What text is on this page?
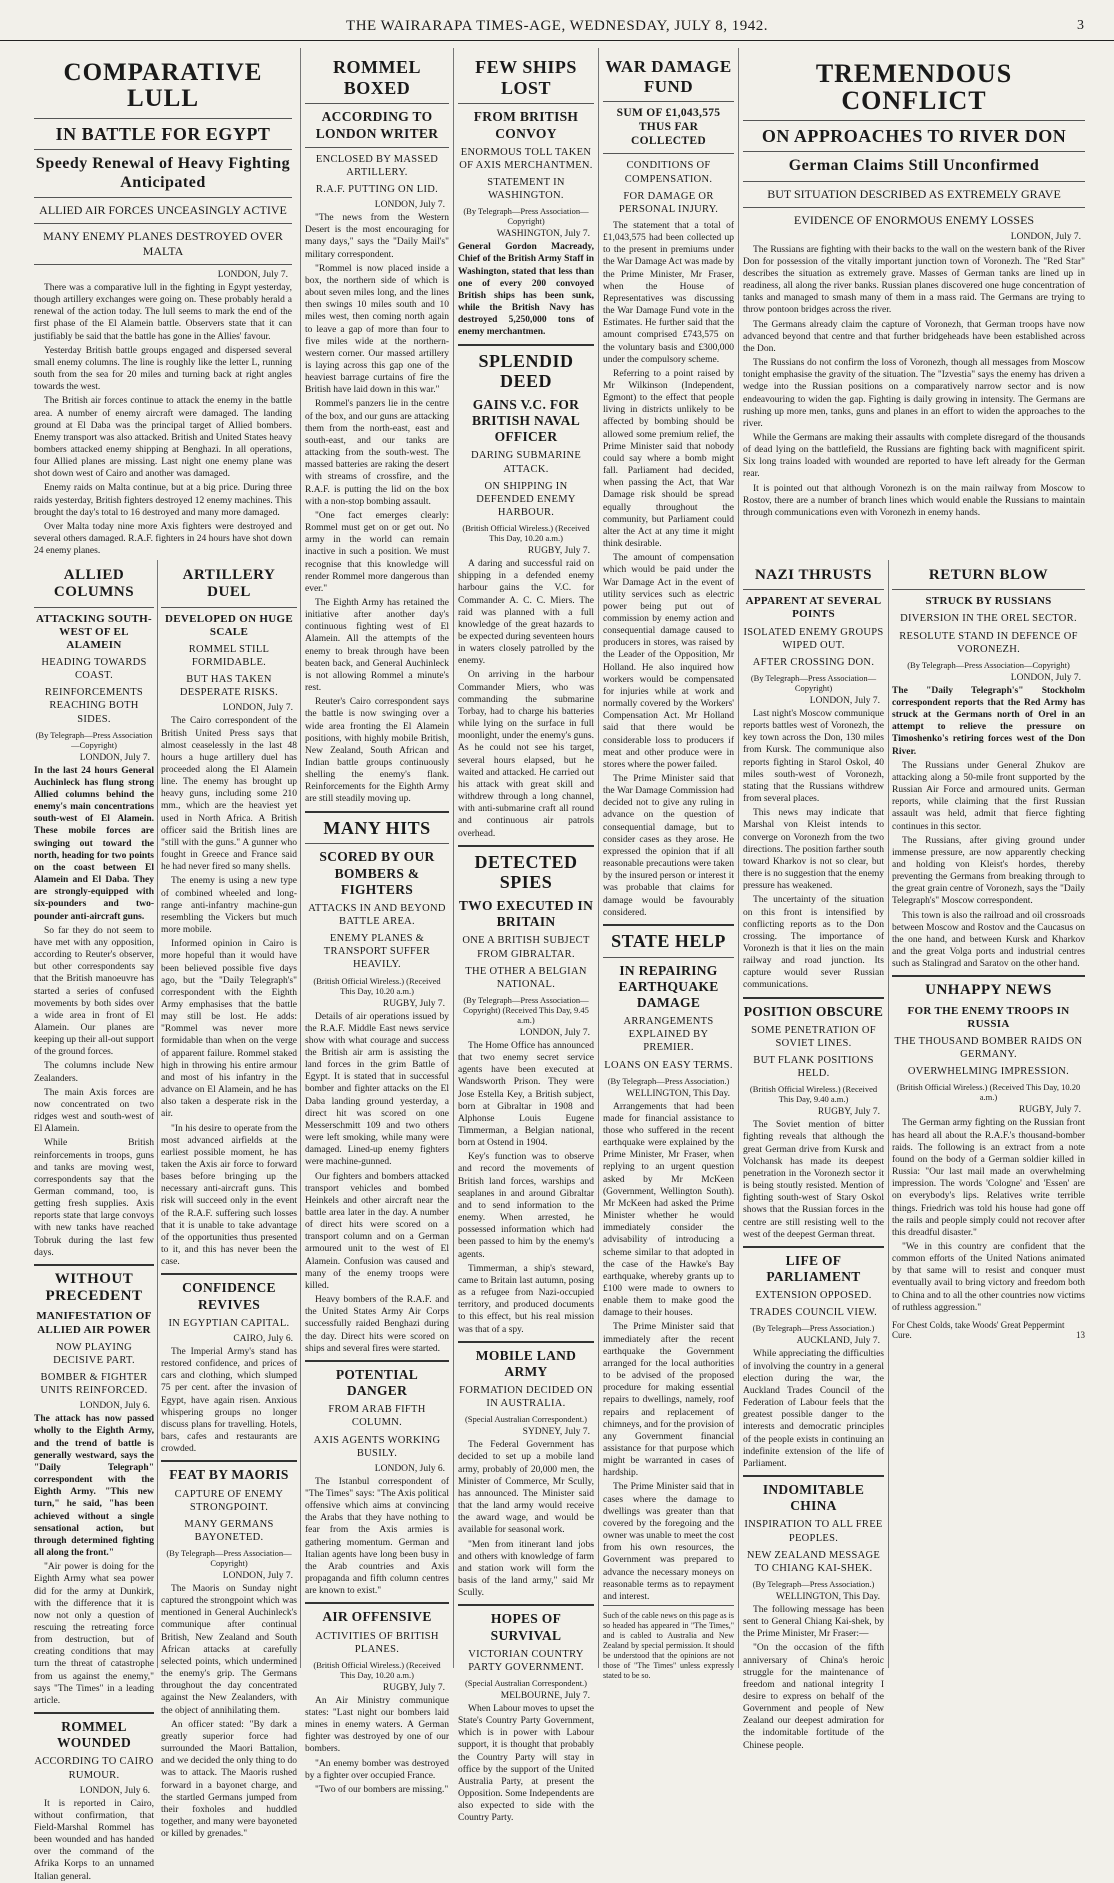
THE WAIRARAPA TIMES-AGE, WEDNESDAY, JULY 8, 1942.	3
COMPARATIVE LULL
IN BATTLE FOR EGYPT
Speedy Renewal of Heavy Fighting Anticipated
ALLIED AIR FORCES UNCEASINGLY ACTIVE
MANY ENEMY PLANES DESTROYED OVER MALTA
LONDON, July 7.

There was a comparative lull in the fighting in Egypt yesterday, though artillery exchanges were going on. These probably herald a renewal of the action today. The lull seems to mark the end of the first phase of the El Alamein battle. Observers state that it can justifiably be said that the battle has gone in the Allies' favour.

Yesterday British battle groups engaged and dispersed several small enemy columns. The line is roughly like the letter L, running south from the sea for 20 miles and turning back at right angles towards the west.

The British air forces continue to attack the enemy in the battle area. A number of enemy aircraft were damaged. The landing ground at El Daba was the principal target of Allied bombers. Enemy transport was also attacked. British and United States heavy bombers attacked enemy shipping at Benghazi. In all operations, four Allied planes are missing. Last night one enemy plane was shot down west of Cairo and another was damaged.

Enemy raids on Malta continue, but at a big price. During three raids yesterday, British fighters destroyed 12 enemy machines. This brought the day's total to 16 destroyed and many more damaged.

Over Malta today nine more Axis fighters were destroyed and several others damaged. R.A.F. fighters in 24 hours have shot down 24 enemy planes.

ROMMEL BOXED
ACCORDING TO LONDON WRITER
ENCLOSED BY MASSED ARTILLERY.
R.A.F. PUTTING ON LID.
LONDON, July 7.

"The news from the Western Desert is the most encouraging for many days," says the "Daily Mail's" military correspondent.

"Rommel is now placed inside a box, the northern side of which is about seven miles long, and the lines then swings 10 miles south and 10 miles west, then coming north again to leave a gap of more than four to five miles wide at the northern-western corner. Our massed artillery is laying across this gap one of the heaviest barrage curtains of fire the British have laid down in this war."

Rommel's panzers lie in the centre of the box, and our guns are attacking them from the north-east, east and south-east, and our tanks are attacking from the south-west. The massed batteries are raking the desert with streams of crossfire, and the R.A.F. is putting the lid on the box with a non-stop bombing assault.

"One fact emerges clearly: Rommel must get on or get out. No army in the world can remain inactive in such a position. We must recognise that this knowledge will render Rommel more dangerous than ever."

The Eighth Army has retained the initiative after another day's continuous fighting west of El Alamein. All the attempts of the enemy to break through have been beaten back, and General Auchinleck is not allowing Rommel a minute's rest.

Reuter's Cairo correspondent says the battle is now swinging over a wide area fronting the El Alamein positions, with highly mobile British, New Zealand, South African and Indian battle groups continuously shelling the enemy's flank. Reinforcements for the Eighth Army are still steadily moving up.

MANY HITS
SCORED BY OUR BOMBERS & FIGHTERS
ATTACKS IN AND BEYOND BATTLE AREA.
ENEMY PLANES & TRANSPORT SUFFER HEAVILY.
(British Official Wireless.) (Received This Day, 10.20 a.m.)
RUGBY, July 7.

Details of air operations issued by the R.A.F. Middle East news service show with what courage and success the British air arm is assisting the land forces in the grim Battle of Egypt. It is stated that in successful bomber and fighter attacks on the El Daba landing ground yesterday, a direct hit was scored on one Messerschmitt 109 and two others were left smoking, while many were damaged. Lined-up enemy fighters were machine-gunned.

Our fighters and bombers attacked transport vehicles and bombed Heinkels and other aircraft near the battle area later in the day. A number of direct hits were scored on a transport column and on a German armoured unit to the west of El Alamein. Confusion was caused and many of the enemy troops were killed.

Heavy bombers of the R.A.F. and the United States Army Air Corps successfully raided Benghazi during the day. Direct hits were scored on ships and several fires were started.

POTENTIAL DANGER
FROM ARAB FIFTH COLUMN.
AXIS AGENTS WORKING BUSILY.
LONDON, July 6.

The Istanbul correspondent of "The Times" says: "The Axis political offensive which aims at convincing the Arabs that they have nothing to fear from the Axis armies is gathering momentum. German and Italian agents have long been busy in the Arab countries and Axis propaganda and fifth column centres are known to exist."

AIR OFFENSIVE
ACTIVITIES OF BRITISH PLANES.
(British Official Wireless.) (Received This Day, 10.20 a.m.)
RUGBY, July 7.

An Air Ministry communique states: "Last night our bombers laid mines in enemy waters. A German fighter was destroyed by one of our bombers.

"An enemy bomber was destroyed by a fighter over occupied France.

"Two of our bombers are missing."

FEW SHIPS LOST
FROM BRITISH CONVOY
ENORMOUS TOLL TAKEN OF AXIS MERCHANTMEN.
STATEMENT IN WASHINGTON.
(By Telegraph—Press Association—Copyright)
WASHINGTON, July 7.

General Gordon Macready, Chief of the British Army Staff in Washington, stated that less than one of every 200 convoyed British ships has been sunk, while the British Navy has destroyed 5,250,000 tons of enemy merchantmen.

SPLENDID DEED
GAINS V.C. FOR BRITISH NAVAL OFFICER
DARING SUBMARINE ATTACK.
ON SHIPPING IN DEFENDED ENEMY HARBOUR.
(British Official Wireless.) (Received This Day, 10.20 a.m.)
RUGBY, July 7.

A daring and successful raid on shipping in a defended enemy harbour gains the V.C. for Commander A. C. C. Miers. The raid was planned with a full knowledge of the great hazards to be expected during seventeen hours in waters closely patrolled by the enemy.

On arriving in the harbour Commander Miers, who was commanding the submarine Torbay, had to charge his batteries while lying on the surface in full moonlight, under the enemy's guns. As he could not see his target, several hours elapsed, but he waited and attacked. He carried out his attack with great skill and withdrew through a long channel, with anti-submarine craft all round and continuous air patrols overhead.

DETECTED SPIES
TWO EXECUTED IN BRITAIN
ONE A BRITISH SUBJECT FROM GIBRALTAR.
THE OTHER A BELGIAN NATIONAL.
(By Telegraph—Press Association—Copyright) (Received This Day, 9.45 a.m.)
LONDON, July 7.

The Home Office has announced that two enemy secret service agents have been executed at Wandsworth Prison. They were Jose Estella Key, a British subject, born at Gibraltar in 1908 and Alphonse Louis Eugene Timmerman, a Belgian national, born at Ostend in 1904.

Key's function was to observe and record the movements of British land forces, warships and seaplanes in and around Gibraltar and to send information to the enemy. When arrested, he possessed information which had been passed to him by the enemy's agents.

Timmerman, a ship's steward, came to Britain last autumn, posing as a refugee from Nazi-occupied territory, and produced documents to this effect, but his real mission was that of a spy.

MOBILE LAND ARMY
FORMATION DECIDED ON IN AUSTRALIA.
(Special Australian Correspondent.)
SYDNEY, July 7.

The Federal Government has decided to set up a mobile land army, probably of 20,000 men, the Minister of Commerce, Mr Scully, has announced. The Minister said that the land army would receive the award wage, and would be available for seasonal work.

"Men from itinerant land jobs and others with knowledge of farm and station work will form the basis of the land army," said Mr Scully.

HOPES OF SURVIVAL
VICTORIAN COUNTRY PARTY GOVERNMENT.
(Special Australian Correspondent.)
MELBOURNE, July 7.

When Labour moves to upset the State's Country Party Government, which is in power with Labour support, it is thought that probably the Country Party will stay in office by the support of the United Australia Party, at present the Opposition. Some Independents are also expected to side with the Country Party.

WAR DAMAGE FUND
SUM OF £1,043,575 THUS FAR COLLECTED
CONDITIONS OF COMPENSATION.
FOR DAMAGE OR PERSONAL INJURY.

The statement that a total of £1,043,575 had been collected up to the present in premiums under the War Damage Act was made by the Prime Minister, Mr Fraser, when the House of Representatives was discussing the War Damage Fund vote in the Estimates. He further said that the amount comprised £743,575 on the voluntary basis and £300,000 under the compulsory scheme.

Referring to a point raised by Mr Wilkinson (Independent, Egmont) to the effect that people living in districts unlikely to be affected by bombing should be allowed some premium relief, the Prime Minister said that nobody could say where a bomb might fall. Parliament had decided, when passing the Act, that War Damage risk should be spread equally throughout the community, but Parliament could alter the Act at any time it might think desirable.

The amount of compensation which would be paid under the War Damage Act in the event of utility services such as electric power being put out of commission by enemy action and consequential damage caused to producers in stores, was raised by the Leader of the Opposition, Mr Holland. He also inquired how workers would be compensated for injuries while at work and normally covered by the Workers' Compensation Act. Mr Holland said that there would be considerable loss to producers if meat and other produce were in stores where the power failed.

The Prime Minister said that the War Damage Commission had decided not to give any ruling in advance on the question of consequential damage, but to consider cases as they arose. He expressed the opinion that if all reasonable precautions were taken by the insured person or interest it was probable that claims for damage would be favourably considered.

STATE HELP
IN REPAIRING EARTHQUAKE DAMAGE
ARRANGEMENTS EXPLAINED BY PREMIER.
LOANS ON EASY TERMS.
(By Telegraph—Press Association.)
WELLINGTON, This Day.

Arrangements that had been made for financial assistance to those who suffered in the recent earthquake were explained by the Prime Minister, Mr Fraser, when replying to an urgent question asked by Mr McKeen (Government, Wellington South). Mr McKeen had asked the Prime Minister whether he would immediately consider the advisability of introducing a scheme similar to that adopted in the case of the Hawke's Bay earthquake, whereby grants up to £100 were made to owners to enable them to make good the damage to their houses.

The Prime Minister said that immediately after the recent earthquake the Government arranged for the local authorities to be advised of the proposed procedure for making essential repairs to dwellings, namely, roof repairs and replacement of chimneys, and for the provision of any Government financial assistance for that purpose which might be warranted in cases of hardship.

The Prime Minister said that in cases where the damage to dwellings was greater than that covered by the foregoing and the owner was unable to meet the cost from his own resources, the Government was prepared to advance the necessary moneys on reasonable terms as to repayment and interest.

TREMENDOUS CONFLICT
ON APPROACHES TO RIVER DON
German Claims Still Unconfirmed
BUT SITUATION DESCRIBED AS EXTREMELY GRAVE
EVIDENCE OF ENORMOUS ENEMY LOSSES
LONDON, July 7.

The Russians are fighting with their backs to the wall on the western bank of the River Don for possession of the vitally important junction town of Voronezh. The "Red Star" describes the situation as extremely grave. Masses of German tanks are lined up in readiness, all along the river banks. Russian planes discovered one huge concentration of tanks and managed to smash many of them in a mass raid. The Germans are trying to throw pontoon bridges across the river.

The Germans already claim the capture of Voronezh, that German troops have now advanced beyond that centre and that further bridgeheads have been established across the Don.

The Russians do not confirm the loss of Voronezh, though all messages from Moscow tonight emphasise the gravity of the situation. The "Izvestia" says the enemy has driven a wedge into the Russian positions on a comparatively narrow sector and is now endeavouring to widen the gap. Fighting is daily growing in intensity. The Germans are rushing up more men, tanks, guns and planes in an effort to widen the approaches to the river.

While the Germans are making their assaults with complete disregard of the thousands of dead lying on the battlefield, the Russians are fighting back with magnificent spirit. Six long trains loaded with wounded are reported to have left already for the German rear.

It is pointed out that although Voronezh is on the main railway from Moscow to Rostov, there are a number of branch lines which would enable the Russians to maintain through communications even with Voronezh in enemy hands.

ALLIED COLUMNS
ATTACKING SOUTH-WEST OF EL ALAMEIN
HEADING TOWARDS COAST.
REINFORCEMENTS REACHING BOTH SIDES.
(By Telegraph—Press Association—Copyright)
LONDON, July 7.

In the last 24 hours General Auchinleck has flung strong Allied columns behind the enemy's main concentrations south-west of El Alamein. These mobile forces are swinging out toward the north, heading for two points on the coast between El Alamein and El Daba. They are strongly-equipped with six-pounders and two-pounder anti-aircraft guns.

So far they do not seem to have met with any opposition, according to Reuter's observer, but other correspondents say that the British manoeuvre has started a series of confused movements by both sides over a wide area in front of El Alamein. Our planes are keeping up their all-out support of the ground forces.

The columns include New Zealanders.

The main Axis forces are now concentrated on two ridges west and south-west of El Alamein.

While British reinforcements in troops, guns and tanks are moving west, correspondents say that the German command, too, is getting fresh supplies. Axis reports state that large convoys with new tanks have reached Tobruk during the last few days.

WITHOUT PRECEDENT
MANIFESTATION OF ALLIED AIR POWER
NOW PLAYING DECISIVE PART.
BOMBER & FIGHTER UNITS REINFORCED.
LONDON, July 6.

The attack has now passed wholly to the Eighth Army, and the trend of battle is generally westward, says the "Daily Telegraph" correspondent with the Eighth Army. "This new turn," he said, "has been achieved without a single sensational action, but through determined fighting all along the front."

"Air power is doing for the Eighth Army what sea power did for the army at Dunkirk, with the difference that it is now not only a question of rescuing the retreating force from destruction, but of creating conditions that may turn the threat of catastrophe from us against the enemy," says "The Times" in a leading article.

ROMMEL WOUNDED
ACCORDING TO CAIRO RUMOUR.
LONDON, July 6.

It is reported in Cairo, without confirmation, that Field-Marshal Rommel has been wounded and has handed over the command of the Afrika Korps to an unnamed Italian general.

ARTILLERY DUEL
DEVELOPED ON HUGE SCALE
ROMMEL STILL FORMIDABLE.
BUT HAS TAKEN DESPERATE RISKS.
LONDON, July 7.

The Cairo correspondent of the British United Press says that almost ceaselessly in the last 48 hours a huge artillery duel has proceeded along the El Alamein line. The enemy has brought up heavy guns, including some 210 mm., which are the heaviest yet used in North Africa. A British officer said the British lines are "still with the guns." A gunner who fought in Greece and France said he had never fired so many shells.

The enemy is using a new type of combined wheeled and long-range anti-infantry machine-gun resembling the Vickers but much more mobile.

Informed opinion in Cairo is more hopeful than it would have been believed possible five days ago, but the "Daily Telegraph's" correspondent with the Eighth Army emphasises that the battle may still be lost. He adds: "Rommel was never more formidable than when on the verge of apparent failure. Rommel staked high in throwing his entire armour and most of his infantry in the advance on El Alamein, and he has also taken a desperate risk in the air.

"In his desire to operate from the most advanced airfields at the earliest possible moment, he has taken the Axis air force to forward bases before bringing up the necessary anti-aircraft guns. This risk will succeed only in the event of the R.A.F. suffering such losses that it is unable to take advantage of the opportunities thus presented to it, and this has never been the case.

CONFIDENCE REVIVES
IN EGYPTIAN CAPITAL.
CAIRO, July 6.

The Imperial Army's stand has restored confidence, and prices of cars and clothing, which slumped 75 per cent. after the invasion of Egypt, have again risen. Anxious whispering groups no longer discuss plans for travelling. Hotels, bars, cafes and restaurants are crowded.

FEAT BY MAORIS
CAPTURE OF ENEMY STRONGPOINT.
MANY GERMANS BAYONETED.
(By Telegraph—Press Association—Copyright)
LONDON, July 7.

The Maoris on Sunday night captured the strongpoint which was mentioned in General Auchinleck's communique after continual British, New Zealand and South African attacks at carefully selected points, which undermined the enemy's grip. The Germans throughout the day concentrated against the New Zealanders, with the object of annihilating them.

An officer stated: "By dark a greatly superior force had surrounded the Maori Battalion, and we decided the only thing to do was to attack. The Maoris rushed forward in a bayonet charge, and the startled Germans jumped from their foxholes and huddled together, and many were bayoneted or killed by grenades."

NAZI THRUSTS
APPARENT AT SEVERAL POINTS
ISOLATED ENEMY GROUPS WIPED OUT.
AFTER CROSSING DON.
(By Telegraph—Press Association—Copyright)
LONDON, July 7.

Last night's Moscow communique reports battles west of Voronezh, the key town across the Don, 130 miles from Kursk. The communique also reports fighting in Starol Oskol, 40 miles south-west of Voronezh, stating that the Russians withdrew from several places.

This news may indicate that Marshal von Kleist intends to converge on Voronezh from the two directions. The position farther south toward Kharkov is not so clear, but there is no suggestion that the enemy pressure has weakened.

The uncertainty of the situation on this front is intensified by conflicting reports as to the Don crossing. The importance of Voronezh is that it lies on the main railway and road junction. Its capture would sever Russian communications.

POSITION OBSCURE
SOME PENETRATION OF SOVIET LINES.
BUT FLANK POSITIONS HELD.
(British Official Wireless.) (Received This Day, 9.40 a.m.)
RUGBY, July 7.

The Soviet mention of bitter fighting reveals that although the great German drive from Kursk and Volchansk has made its deepest penetration in the Voronezh sector it is being stoutly resisted. Mention of fighting south-west of Stary Oskol shows that the Russian forces in the centre are still resisting well to the west of the deepest German threat.

LIFE OF PARLIAMENT
EXTENSION OPPOSED.
TRADES COUNCIL VIEW.
(By Telegraph—Press Association.)
AUCKLAND, July 7.

While appreciating the difficulties of involving the country in a general election during the war, the Auckland Trades Council of the Federation of Labour feels that the greatest possible danger to the interests and democratic principles of the people exists in continuing an indefinite extension of the life of Parliament.

INDOMITABLE CHINA
INSPIRATION TO ALL FREE PEOPLES.
NEW ZEALAND MESSAGE TO CHIANG KAI-SHEK.
(By Telegraph—Press Association.)
WELLINGTON, This Day.

The following message has been sent to General Chiang Kai-shek, by the Prime Minister, Mr Fraser:—

"On the occasion of the fifth anniversary of China's heroic struggle for the maintenance of freedom and national integrity I desire to express on behalf of the Government and people of New Zealand our deepest admiration for the indomitable fortitude of the Chinese people.

RETURN BLOW
STRUCK BY RUSSIANS
DIVERSION IN THE OREL SECTOR.
RESOLUTE STAND IN DEFENCE OF VORONEZH.
(By Telegraph—Press Association—Copyright)
LONDON, July 7.

The "Daily Telegraph's" Stockholm correspondent reports that the Red Army has struck at the Germans north of Orel in an attempt to relieve the pressure on Timoshenko's retiring forces west of the Don River.

The Russians under General Zhukov are attacking along a 50-mile front supported by the Russian Air Force and armoured units. German reports, while claiming that the first Russian assault was held, admit that fierce fighting continues in this sector.

The Russians, after giving ground under immense pressure, are now apparently checking and holding von Kleist's hordes, thereby preventing the Germans from breaking through to the great grain centre of Voronezh, says the "Daily Telegraph's" Moscow correspondent.

This town is also the railroad and oil crossroads between Moscow and Rostov and the Caucasus on the one hand, and between Kursk and Kharkov and the great Volga ports and industrial centres such as Stalingrad and Saratov on the other hand.

UNHAPPY NEWS
FOR THE ENEMY TROOPS IN RUSSIA
THE THOUSAND BOMBER RAIDS ON GERMANY.
OVERWHELMING IMPRESSION.
(British Official Wireless.) (Received This Day, 10.20 a.m.)
RUGBY, July 7.

The German army fighting on the Russian front has heard all about the R.A.F.'s thousand-bomber raids. The following is an extract from a note found on the body of a German soldier killed in Russia: "Our last mail made an overwhelming impression. The words 'Cologne' and 'Essen' are on everybody's lips. Relatives write terrible things. Friedrich was told his house had gone off the rails and people simply could not recover after this dreadful disaster."

"We in this country are confident that the common efforts of the United Nations animated by that same will to resist and conquer must eventually avail to bring victory and freedom both to China and to all the other countries now victims of ruthless aggression."

For Chest Colds, take Woods' Great Peppermint Cure.	13
Such of the cable news on this page as is so headed has appeared in "The Times," and is cabled to Australia and New Zealand by special permission. It should be understood that the opinions are not those of "The Times" unless expressly stated to be so.
